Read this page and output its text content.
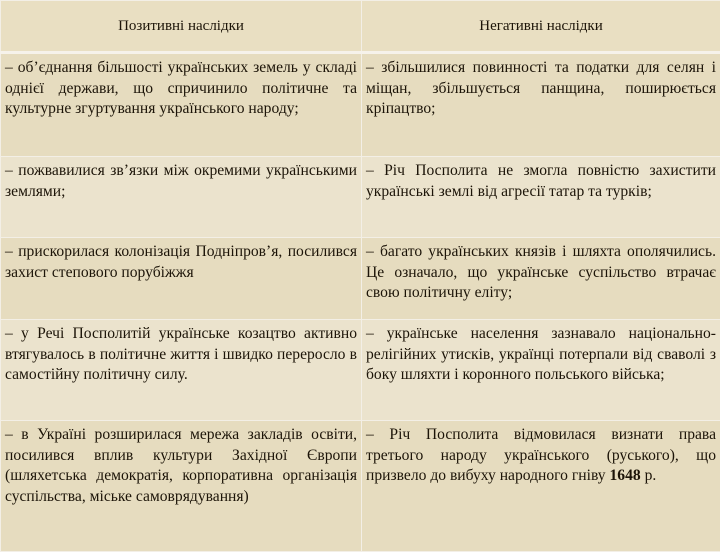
Позитивні наслідки	Негативні наслідки
– об’єднання більшості українських земель у складі однієї держави, що спричинило політичне та культурне згуртування українського народу;	– збільшилися повинності та податки для селян і міщан, збільшується панщина, поширюється кріпацтво;
– пожвавилися зв’язки між окремими українськими землями;	– Річ Посполита не змогла повністю захистити українські землі від агресії татар та турків;
– прискорилася колонізація Подніпров’я, посилився захист степового порубіжжя	– багато українських князів і шляхта ополячились. Це означало, що українське суспільство втрачає свою політичну еліту;
– у Речі Посполитій українське козацтво активно втягувалось в політичне життя і швидко переросло в самостійну політичну силу.	– українське населення зазнавало національно-релігійних утисків, українці потерпали від сваволі з боку шляхти і коронного польського війська;
– в Україні розширилася мережа закладів освіти, посилився вплив культури Західної Європи (шляхетська демократія, корпоративна організація суспільства, міське самоврядування)	– Річ Посполита відмовилася визнати права третього народу українського (руського), що призвело до вибуху народного гніву 1648 р.
